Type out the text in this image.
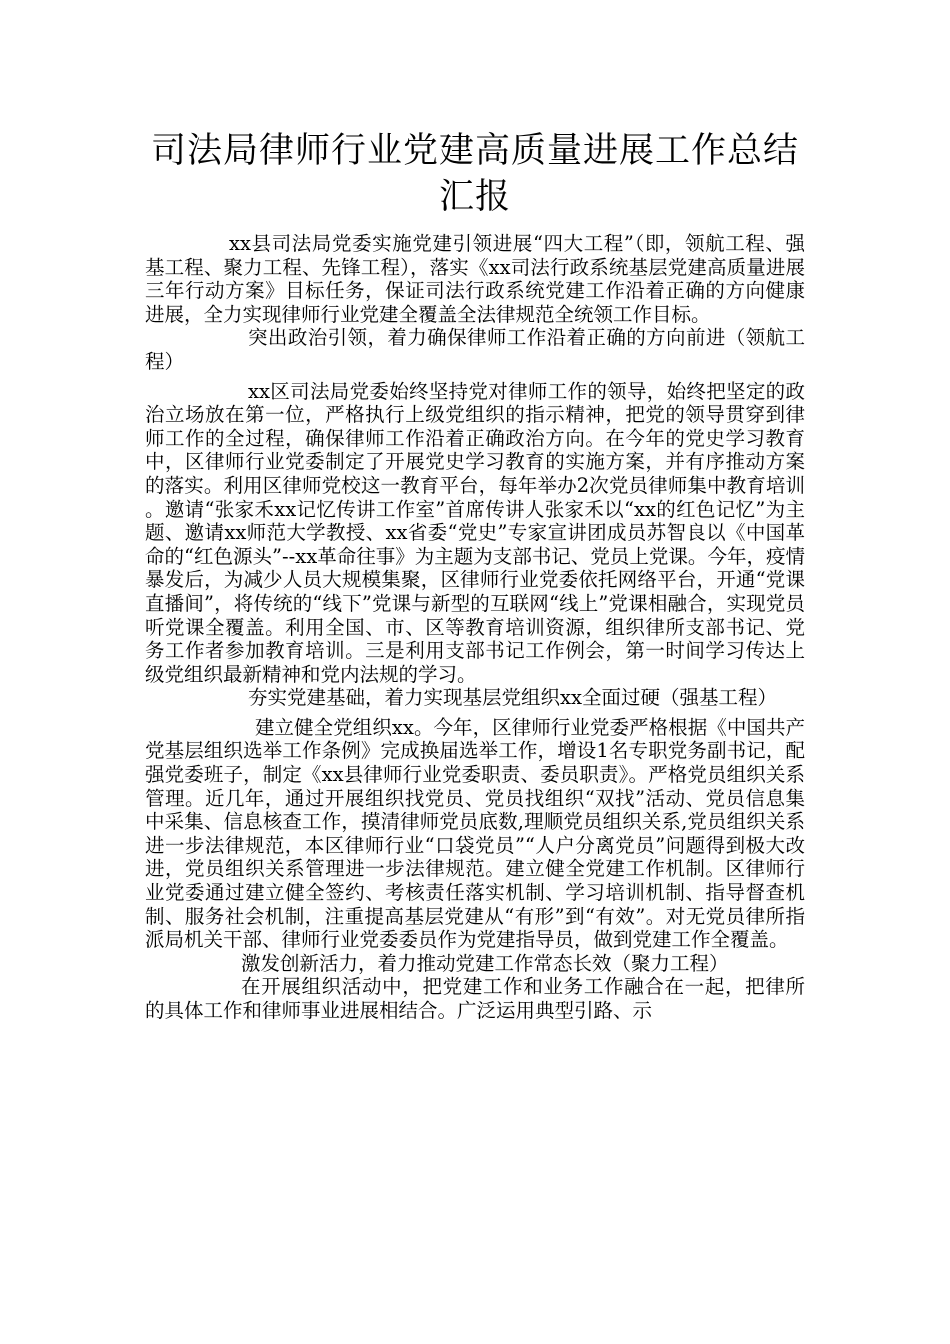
司法局律师行业党建高质量进展工作总结汇报

xx县司法局党委实施党建引领进展“四大工程”（即，领航工程、强基工程、聚力工程、先锋工程），落实《xx司法行政系统基层党建高质量进展三年行动方案》目标任务，保证司法行政系统党建工作沿着正确的方向健康进展，全力实现律师行业党建全覆盖全法律规范全统领工作目标。

突出政治引领，着力确保律师工作沿着正确的方向前进（领航工程）

xx区司法局党委始终坚持党对律师工作的领导，始终把坚定的政治立场放在第一位，严格执行上级党组织的指示精神，把党的领导贯穿到律师工作的全过程，确保律师工作沿着正确政治方向。在今年的党史学习教育中，区律师行业党委制定了开展党史学习教育的实施方案，并有序推动方案的落实。利用区律师党校这一教育平台，每年举办2次党员律师集中教育培训。邀请“张家禾xx记忆传讲工作室”首席传讲人张家禾以“xx的红色记忆”为主题、邀请xx师范大学教授、xx省委“党史”专家宣讲团成员苏智良以《中国革命的“红色源头”--xx革命往事》为主题为支部书记、党员上党课。今年，疫情暴发后，为减少人员大规模集聚，区律师行业党委依托网络平台，开通“党课直播间”，将传统的“线下”党课与新型的互联网“线上”党课相融合，实现党员听党课全覆盖。利用全国、市、区等教育培训资源，组织律所支部书记、党务工作者参加教育培训。三是利用支部书记工作例会，第一时间学习传达上级党组织最新精神和党内法规的学习。

夯实党建基础，着力实现基层党组织xx全面过硬（强基工程）

建立健全党组织xx。今年，区律师行业党委严格根据《中国共产党基层组织选举工作条例》完成换届选举工作，增设1名专职党务副书记，配强党委班子，制定《xx县律师行业党委职责、委员职责》。严格党员组织关系管理。近几年，通过开展组织找党员、党员找组织“双找”活动、党员信息集中采集、信息核查工作，摸清律师党员底数,理顺党员组织关系,党员组织关系进一步法律规范，本区律师行业“口袋党员”“人户分离党员”问题得到极大改进，党员组织关系管理进一步法律规范。建立健全党建工作机制。区律师行业党委通过建立健全签约、考核责任落实机制、学习培训机制、指导督查机制、服务社会机制，注重提高基层党建从“有形”到“有效”。对无党员律所指派局机关干部、律师行业党委委员作为党建指导员，做到党建工作全覆盖。

激发创新活力，着力推动党建工作常态长效（聚力工程）

在开展组织活动中，把党建工作和业务工作融合在一起，把律所的具体工作和律师事业进展相结合。广泛运用典型引路、示
